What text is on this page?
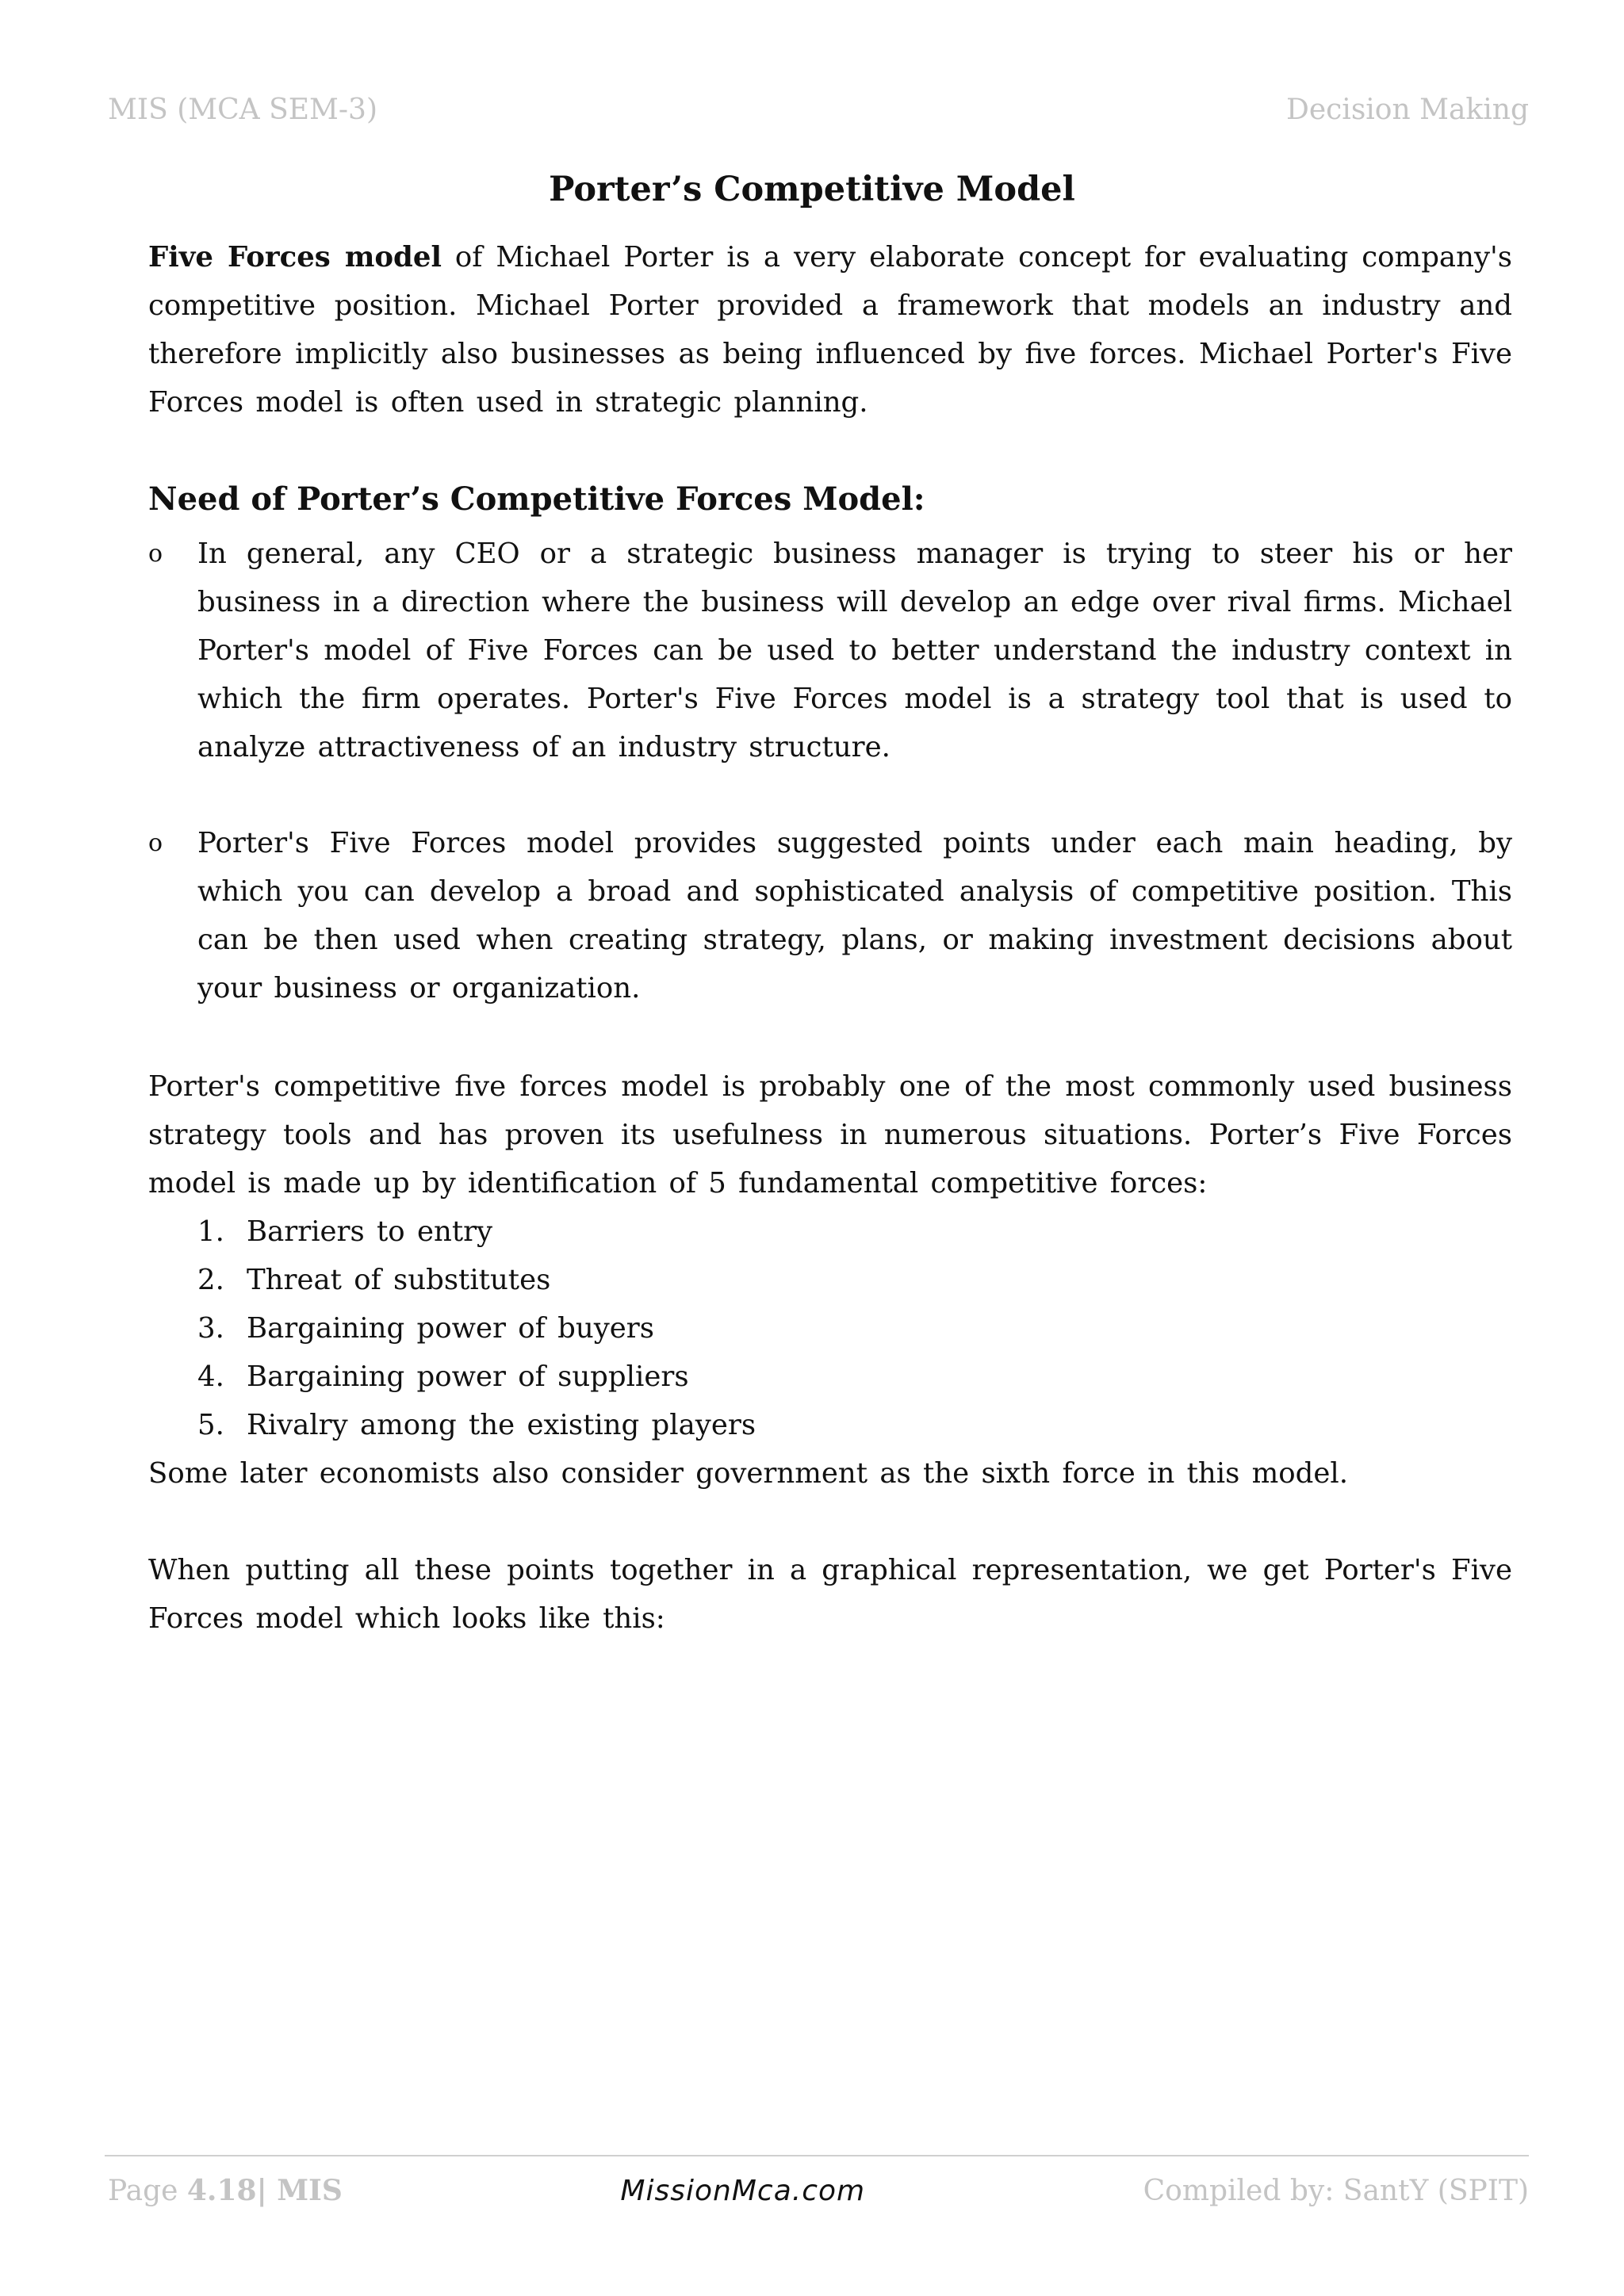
MIS (MCA SEM-3)	Decision Making
Porter’s Competitive Model

Five Forces model of Michael Porter is a very elaborate concept for evaluating company's competitive position. Michael Porter provided a framework that models an industry and therefore implicitly also businesses as being influenced by five forces. Michael Porter's Five Forces model is often used in strategic planning.

Need of Porter’s Competitive Forces Model:
o In general, any CEO or a strategic business manager is trying to steer his or her business in a direction where the business will develop an edge over rival firms. Michael Porter's model of Five Forces can be used to better understand the industry context in which the firm operates. Porter's Five Forces model is a strategy tool that is used to analyze attractiveness of an industry structure.
o Porter's Five Forces model provides suggested points under each main heading, by which you can develop a broad and sophisticated analysis of competitive position. This can be then used when creating strategy, plans, or making investment decisions about your business or organization.

Porter's competitive five forces model is probably one of the most commonly used business strategy tools and has proven its usefulness in numerous situations. Porter’s Five Forces model is made up by identification of 5 fundamental competitive forces:

1. Barriers to entry
2. Threat of substitutes
3. Bargaining power of buyers
4. Bargaining power of suppliers
5. Rivalry among the existing players

Some later economists also consider government as the sixth force in this model.

When putting all these points together in a graphical representation, we get Porter's Five Forces model which looks like this:

Page 4.18| MIS	MissionMca.com	Compiled by: SantY (SPIT)
